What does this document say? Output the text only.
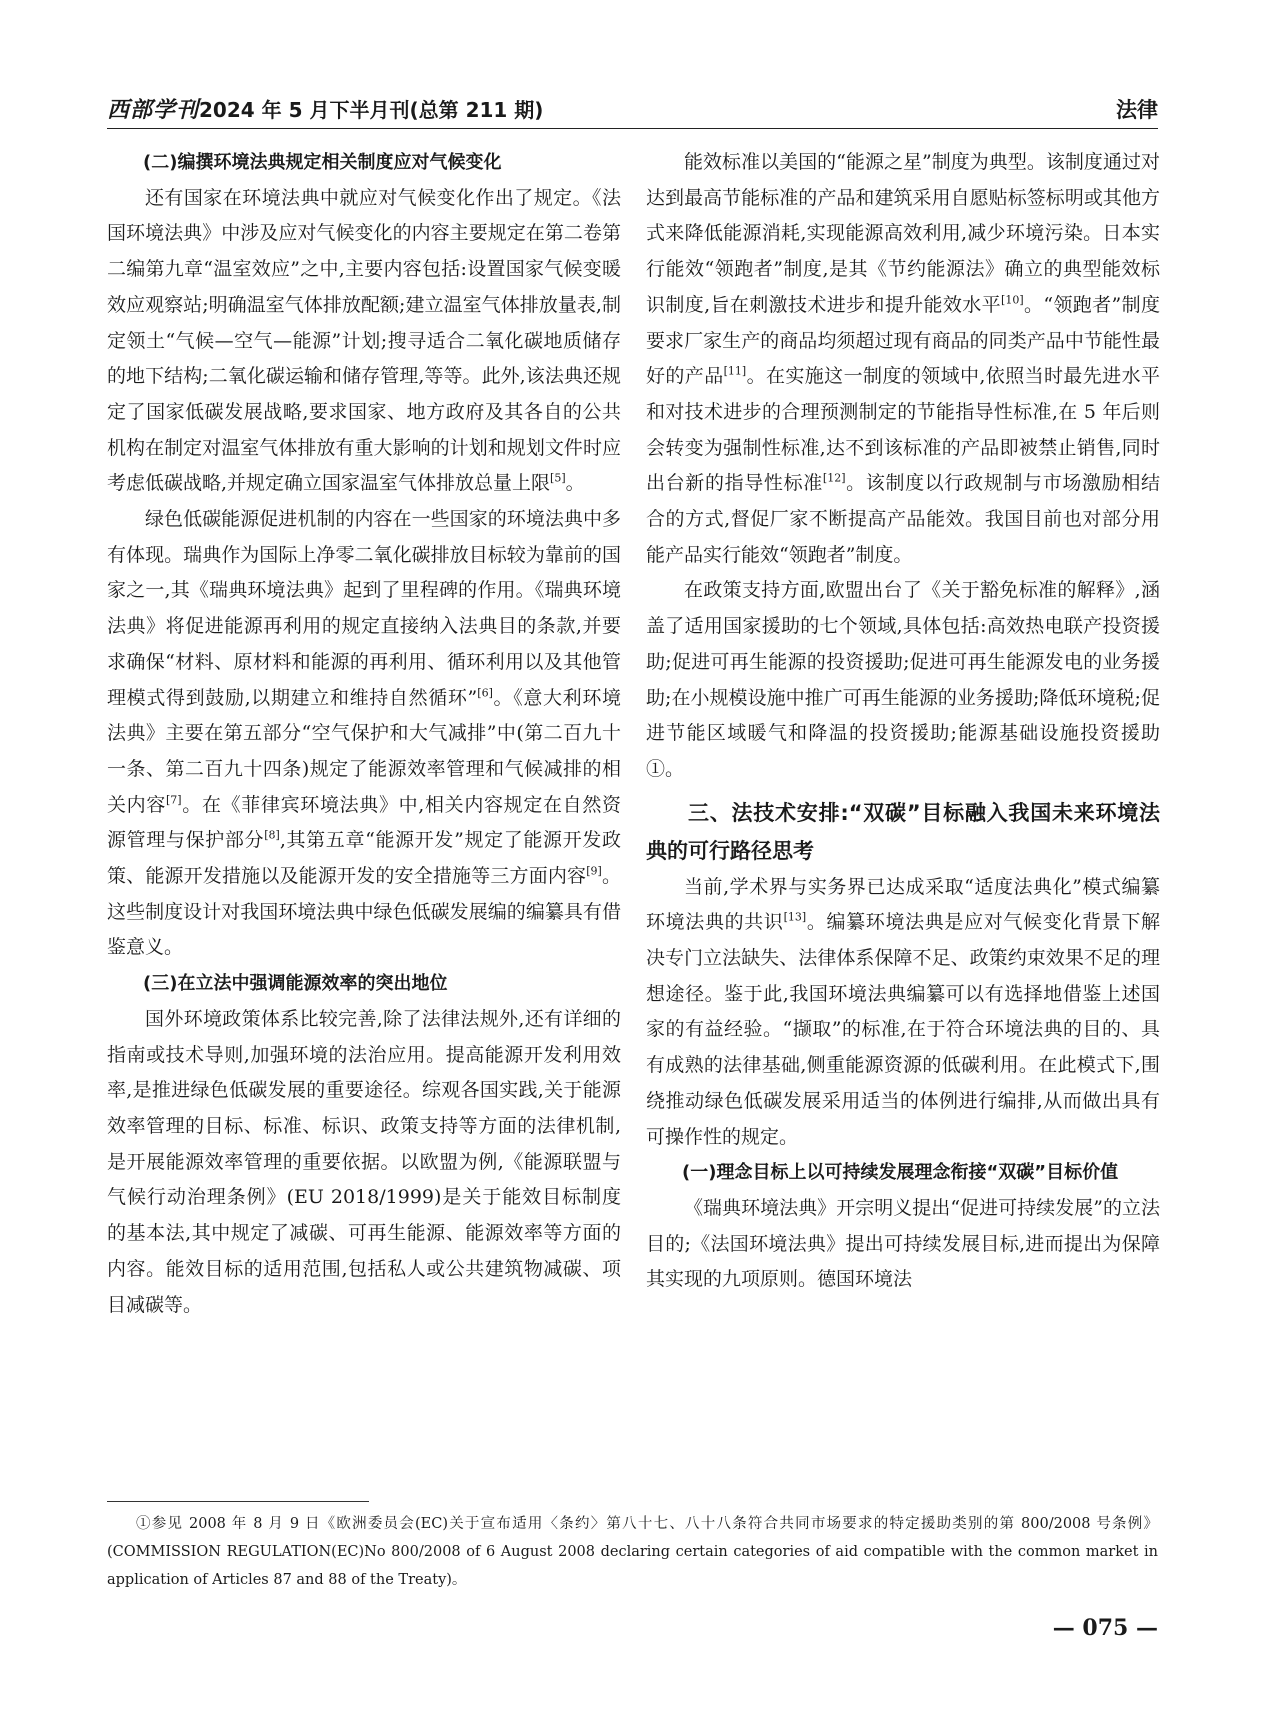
西部学刊2024 年 5 月下半月刊(总第 211 期)	法律
(二)编撰环境法典规定相关制度应对气候变化

还有国家在环境法典中就应对气候变化作出了规定。《法国环境法典》中涉及应对气候变化的内容主要规定在第二卷第二编第九章“温室效应”之中,主要内容包括:设置国家气候变暖效应观察站;明确温室气体排放配额;建立温室气体排放量表,制定领土“气候—空气—能源”计划;搜寻适合二氧化碳地质储存的地下结构;二氧化碳运输和储存管理,等等。此外,该法典还规定了国家低碳发展战略,要求国家、地方政府及其各自的公共机构在制定对温室气体排放有重大影响的计划和规划文件时应考虑低碳战略,并规定确立国家温室气体排放总量上限[5]。

绿色低碳能源促进机制的内容在一些国家的环境法典中多有体现。瑞典作为国际上净零二氧化碳排放目标较为靠前的国家之一,其《瑞典环境法典》起到了里程碑的作用。《瑞典环境法典》将促进能源再利用的规定直接纳入法典目的条款,并要求确保“材料、原材料和能源的再利用、循环利用以及其他管理模式得到鼓励,以期建立和维持自然循环”[6]。《意大利环境法典》主要在第五部分“空气保护和大气减排”中(第二百九十一条、第二百九十四条)规定了能源效率管理和气候减排的相关内容[7]。在《菲律宾环境法典》中,相关内容规定在自然资源管理与保护部分[8],其第五章“能源开发”规定了能源开发政策、能源开发措施以及能源开发的安全措施等三方面内容[9]。这些制度设计对我国环境法典中绿色低碳发展编的编纂具有借鉴意义。

(三)在立法中强调能源效率的突出地位

国外环境政策体系比较完善,除了法律法规外,还有详细的指南或技术导则,加强环境的法治应用。提高能源开发利用效率,是推进绿色低碳发展的重要途径。综观各国实践,关于能源效率管理的目标、标准、标识、政策支持等方面的法律机制,是开展能源效率管理的重要依据。以欧盟为例,《能源联盟与气候行动治理条例》(EU 2018/1999)是关于能效目标制度的基本法,其中规定了减碳、可再生能源、能源效率等方面的内容。能效目标的适用范围,包括私人或公共建筑物减碳、项目减碳等。

能效标准以美国的“能源之星”制度为典型。该制度通过对达到最高节能标准的产品和建筑采用自愿贴标签标明或其他方式来降低能源消耗,实现能源高效利用,减少环境污染。日本实行能效“领跑者”制度,是其《节约能源法》确立的典型能效标识制度,旨在刺激技术进步和提升能效水平[10]。“领跑者”制度要求厂家生产的商品均须超过现有商品的同类产品中节能性最好的产品[11]。在实施这一制度的领域中,依照当时最先进水平和对技术进步的合理预测制定的节能指导性标准,在 5 年后则会转变为强制性标准,达不到该标准的产品即被禁止销售,同时出台新的指导性标准[12]。该制度以行政规制与市场激励相结合的方式,督促厂家不断提高产品能效。我国目前也对部分用能产品实行能效“领跑者”制度。

在政策支持方面,欧盟出台了《关于豁免标准的解释》,涵盖了适用国家援助的七个领域,具体包括:高效热电联产投资援助;促进可再生能源的投资援助;促进可再生能源发电的业务援助;在小规模设施中推广可再生能源的业务援助;降低环境税;促进节能区域暖气和降温的投资援助;能源基础设施投资援助①。

三、法技术安排:“双碳”目标融入我国未来环境法典的可行路径思考

当前,学术界与实务界已达成采取“适度法典化”模式编纂环境法典的共识[13]。编纂环境法典是应对气候变化背景下解决专门立法缺失、法律体系保障不足、政策约束效果不足的理想途径。鉴于此,我国环境法典编纂可以有选择地借鉴上述国家的有益经验。“撷取”的标准,在于符合环境法典的目的、具有成熟的法律基础,侧重能源资源的低碳利用。在此模式下,围绕推动绿色低碳发展采用适当的体例进行编排,从而做出具有可操作性的规定。

(一)理念目标上以可持续发展理念衔接“双碳”目标价值

《瑞典环境法典》开宗明义提出“促进可持续发展”的立法目的;《法国环境法典》提出可持续发展目标,进而提出为保障其实现的九项原则。德国环境法

①参见 2008 年 8 月 9 日《欧洲委员会(EC)关于宣布适用〈条约〉第八十七、八十八条符合共同市场要求的特定援助类别的第 800/2008 号条例》(COMMISSION REGULATION(EC)No 800/2008 of 6 August 2008 declaring certain categories of aid compatible with the common market in application of Articles 87 and 88 of the Treaty)。
— 075 —
